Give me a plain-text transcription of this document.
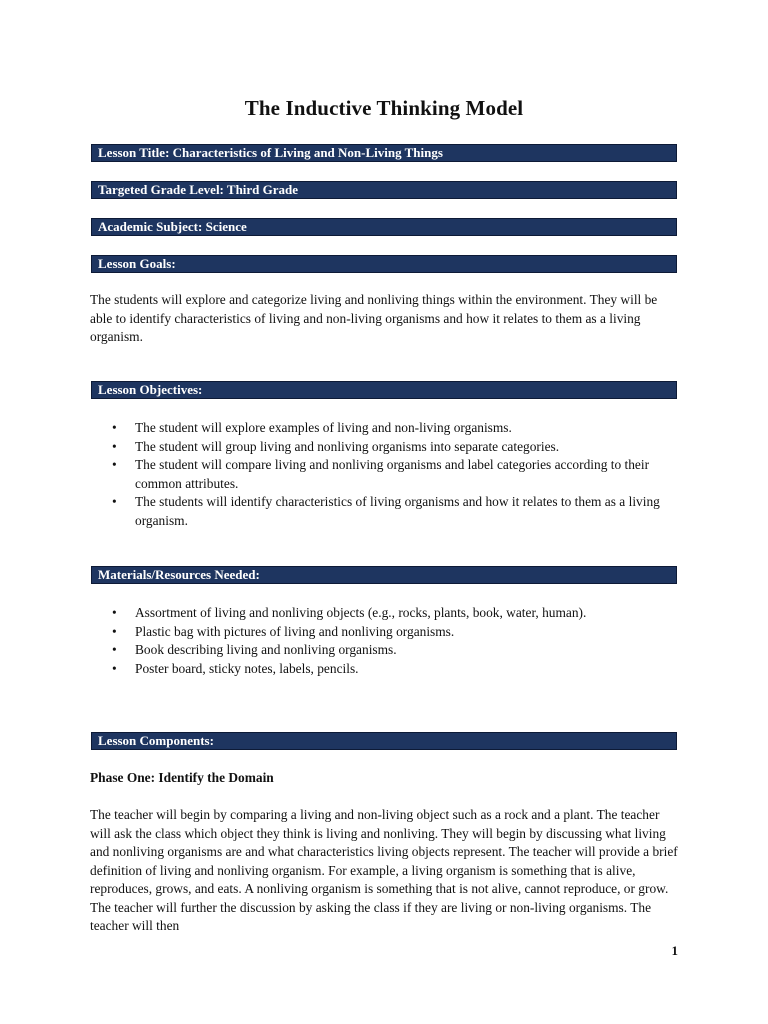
The Inductive Thinking Model
Lesson Title: Characteristics of Living and Non-Living Things
Targeted Grade Level: Third Grade
Academic Subject: Science
Lesson Goals:
The students will explore and categorize living and nonliving things within the environment. They will be able to identify characteristics of living and non-living organisms and how it relates to them as a living organism.
Lesson Objectives:
• The student will explore examples of living and non-living organisms.
• The student will group living and nonliving organisms into separate categories.
• The student will compare living and nonliving organisms and label categories according to their common attributes.
• The students will identify characteristics of living organisms and how it relates to them as a living organism.
Materials/Resources Needed:
• Assortment of living and nonliving objects (e.g., rocks, plants, book, water, human).
• Plastic bag with pictures of living and nonliving organisms.
• Book describing living and nonliving organisms.
• Poster board, sticky notes, labels, pencils.
Lesson Components:
Phase One: Identify the Domain
The teacher will begin by comparing a living and non-living object such as a rock and a plant. The teacher will ask the class which object they think is living and nonliving. They will begin by discussing what living and nonliving organisms are and what characteristics living objects represent. The teacher will provide a brief definition of living and nonliving organism. For example, a living organism is something that is alive, reproduces, grows, and eats. A nonliving organism is something that is not alive, cannot reproduce, or grow. The teacher will further the discussion by asking the class if they are living or non-living organisms. The teacher will then
1
